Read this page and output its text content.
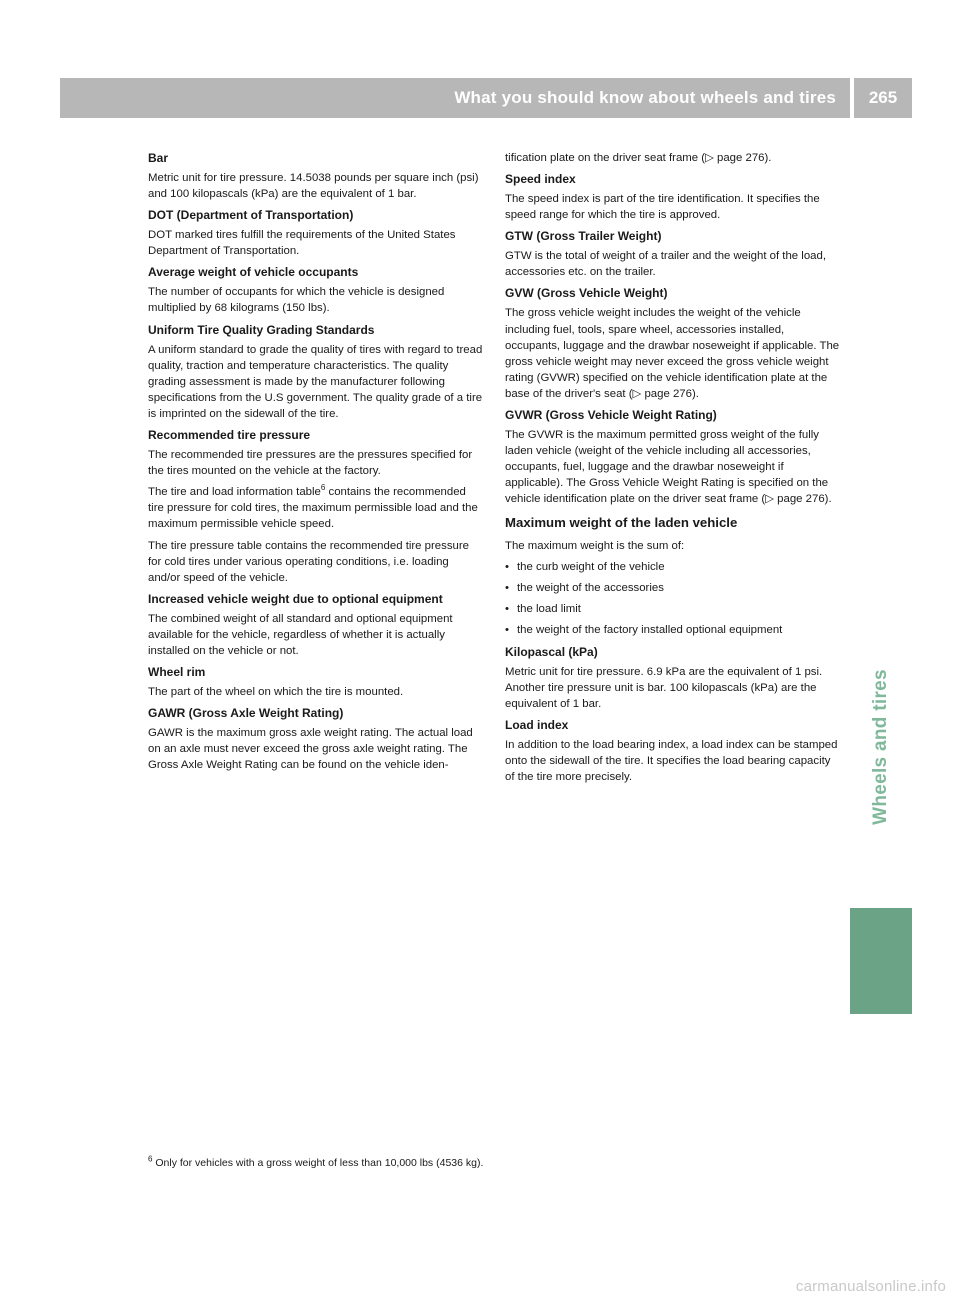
What you should know about wheels and tires	265
Wheels and tires
Bar
Metric unit for tire pressure. 14.5038 pounds per square inch (psi) and 100 kilopascals (kPa) are the equivalent of 1 bar.
DOT (Department of Transportation)
DOT marked tires fulfill the requirements of the United States Department of Transportation.
Average weight of vehicle occupants
The number of occupants for which the vehicle is designed multiplied by 68 kilograms (150 lbs).
Uniform Tire Quality Grading Standards
A uniform standard to grade the quality of tires with regard to tread quality, traction and temperature characteristics. The quality grading assessment is made by the manufacturer following specifications from the U.S government. The quality grade of a tire is imprinted on the sidewall of the tire.
Recommended tire pressure
The recommended tire pressures are the pressures specified for the tires mounted on the vehicle at the factory.
The tire and load information table$^6$ contains the recommended tire pressure for cold tires, the maximum permissible load and the maximum permissible vehicle speed.
The tire pressure table contains the recommended tire pressure for cold tires under various operating conditions, i.e. loading and/or speed of the vehicle.
Increased vehicle weight due to optional equipment
The combined weight of all standard and optional equipment available for the vehicle, regardless of whether it is actually installed on the vehicle or not.
Wheel rim
The part of the wheel on which the tire is mounted.
GAWR (Gross Axle Weight Rating)
GAWR is the maximum gross axle weight rating. The actual load on an axle must never exceed the gross axle weight rating. The Gross Axle Weight Rating can be found on the vehicle iden-
tification plate on the driver seat frame (▷ page 276).
Speed index
The speed index is part of the tire identification. It specifies the speed range for which the tire is approved.
GTW (Gross Trailer Weight)
GTW is the total of weight of a trailer and the weight of the load, accessories etc. on the trailer.
GVW (Gross Vehicle Weight)
The gross vehicle weight includes the weight of the vehicle including fuel, tools, spare wheel, accessories installed, occupants, luggage and the drawbar noseweight if applicable. The gross vehicle weight may never exceed the gross vehicle weight rating (GVWR) specified on the vehicle identification plate at the base of the driver's seat (▷ page 276).
GVWR (Gross Vehicle Weight Rating)
The GVWR is the maximum permitted gross weight of the fully laden vehicle (weight of the vehicle including all accessories, occupants, fuel, luggage and the drawbar noseweight if applicable). The Gross Vehicle Weight Rating is specified on the vehicle identification plate on the driver seat frame (▷ page 276).
Maximum weight of the laden vehicle
The maximum weight is the sum of:
• the curb weight of the vehicle
• the weight of the accessories
• the load limit
• the weight of the factory installed optional equipment
Kilopascal (kPa)
Metric unit for tire pressure. 6.9 kPa are the equivalent of 1 psi. Another tire pressure unit is bar. 100 kilopascals (kPa) are the equivalent of 1 bar.
Load index
In addition to the load bearing index, a load index can be stamped onto the sidewall of the tire. It specifies the load bearing capacity of the tire more precisely.
$^6$ Only for vehicles with a gross weight of less than 10,000 lbs (4536 kg).
carmanualsonline.info
